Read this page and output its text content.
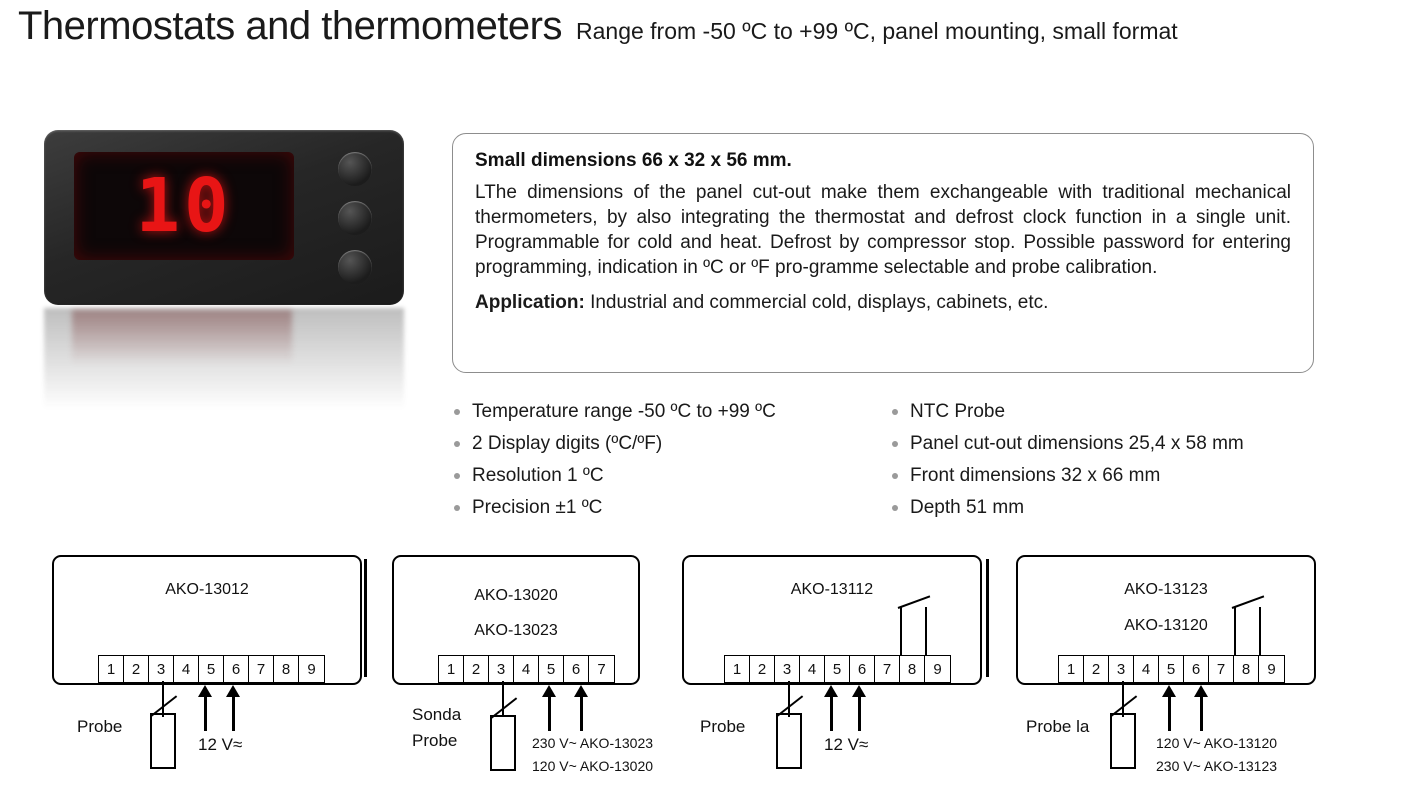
Thermostats and thermometers Range from -50 ºC to +99 ºC, panel mounting, small format
10

Small dimensions 66 x 32 x 56 mm.

LThe dimensions of the panel cut-out make them exchangeable with traditional mechanical thermometers, by also integrating the thermostat and defrost clock function in a single unit. Programmable for cold and heat. Defrost by compressor stop. Possible password for entering programming, indication in ºC or ºF pro-gramme selectable and probe calibration.

Application: Industrial and commercial cold, displays, cabinets, etc.

Temperature range -50 ºC to +99 ºC
2 Display digits (ºC/ºF)
Resolution 1 ºC
Precision ±1 ºC
NTC Probe
Panel cut-out dimensions 25,4 x 58 mm
Front dimensions 32 x 66 mm
Depth 51 mm
AKO-13012
1	2	3	4	5	6	7	8	9
Probe
12 V≈
AKO-13020
AKO-13023
1	2	3	4	5	6	7
Sonda
Probe	230 V~ AKO-13023
120 V~ AKO-13020
AKO-13112
1	2	3	4	5	6	7	8	9
Probe
12 V≈
AKO-13123
AKO-13120
1	2	3	4	5	6	7	8	9
Probe la
120 V~ AKO-13120
230 V~ AKO-13123
